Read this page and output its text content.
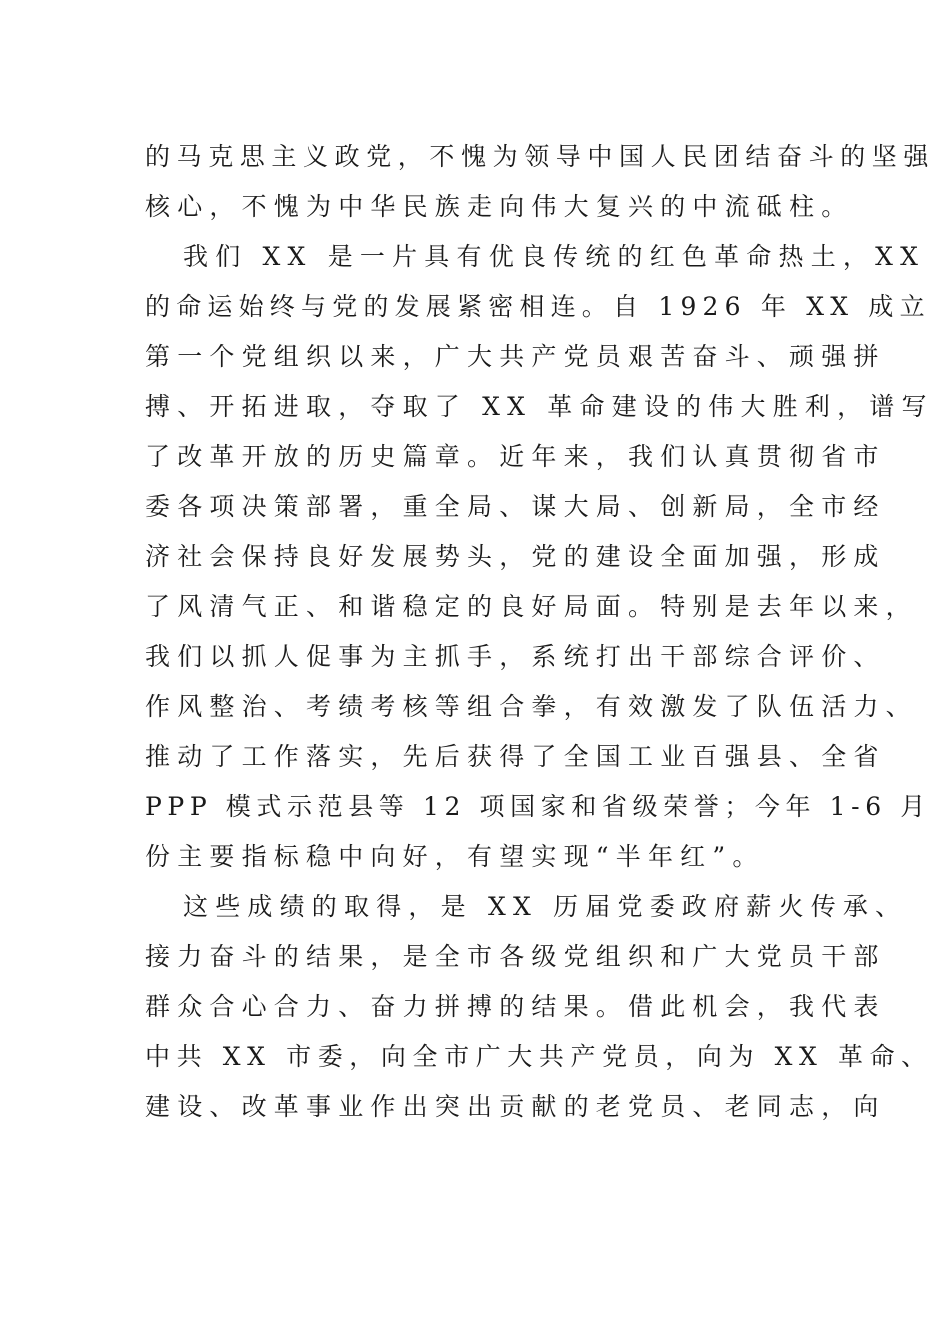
的马克思主义政党，不愧为领导中国人民团结奋斗的坚强
核心，不愧为中华民族走向伟大复兴的中流砥柱。
我们 XX 是一片具有优良传统的红色革命热土，XX
的命运始终与党的发展紧密相连。自 1926 年 XX 成立
第一个党组织以来，广大共产党员艰苦奋斗、顽强拼
搏、开拓进取，夺取了 XX 革命建设的伟大胜利，谱写
了改革开放的历史篇章。近年来，我们认真贯彻省市
委各项决策部署，重全局、谋大局、创新局，全市经
济社会保持良好发展势头，党的建设全面加强，形成
了风清气正、和谐稳定的良好局面。特别是去年以来，
我们以抓人促事为主抓手，系统打出干部综合评价、
作风整治、考绩考核等组合拳，有效激发了队伍活力、
推动了工作落实，先后获得了全国工业百强县、全省
PPP 模式示范县等 12 项国家和省级荣誉；今年 1-6 月
份主要指标稳中向好，有望实现“半年红”。
这些成绩的取得，是 XX 历届党委政府薪火传承、
接力奋斗的结果，是全市各级党组织和广大党员干部
群众合心合力、奋力拼搏的结果。借此机会，我代表
中共 XX 市委，向全市广大共产党员，向为 XX 革命、
建设、改革事业作出突出贡献的老党员、老同志，向
